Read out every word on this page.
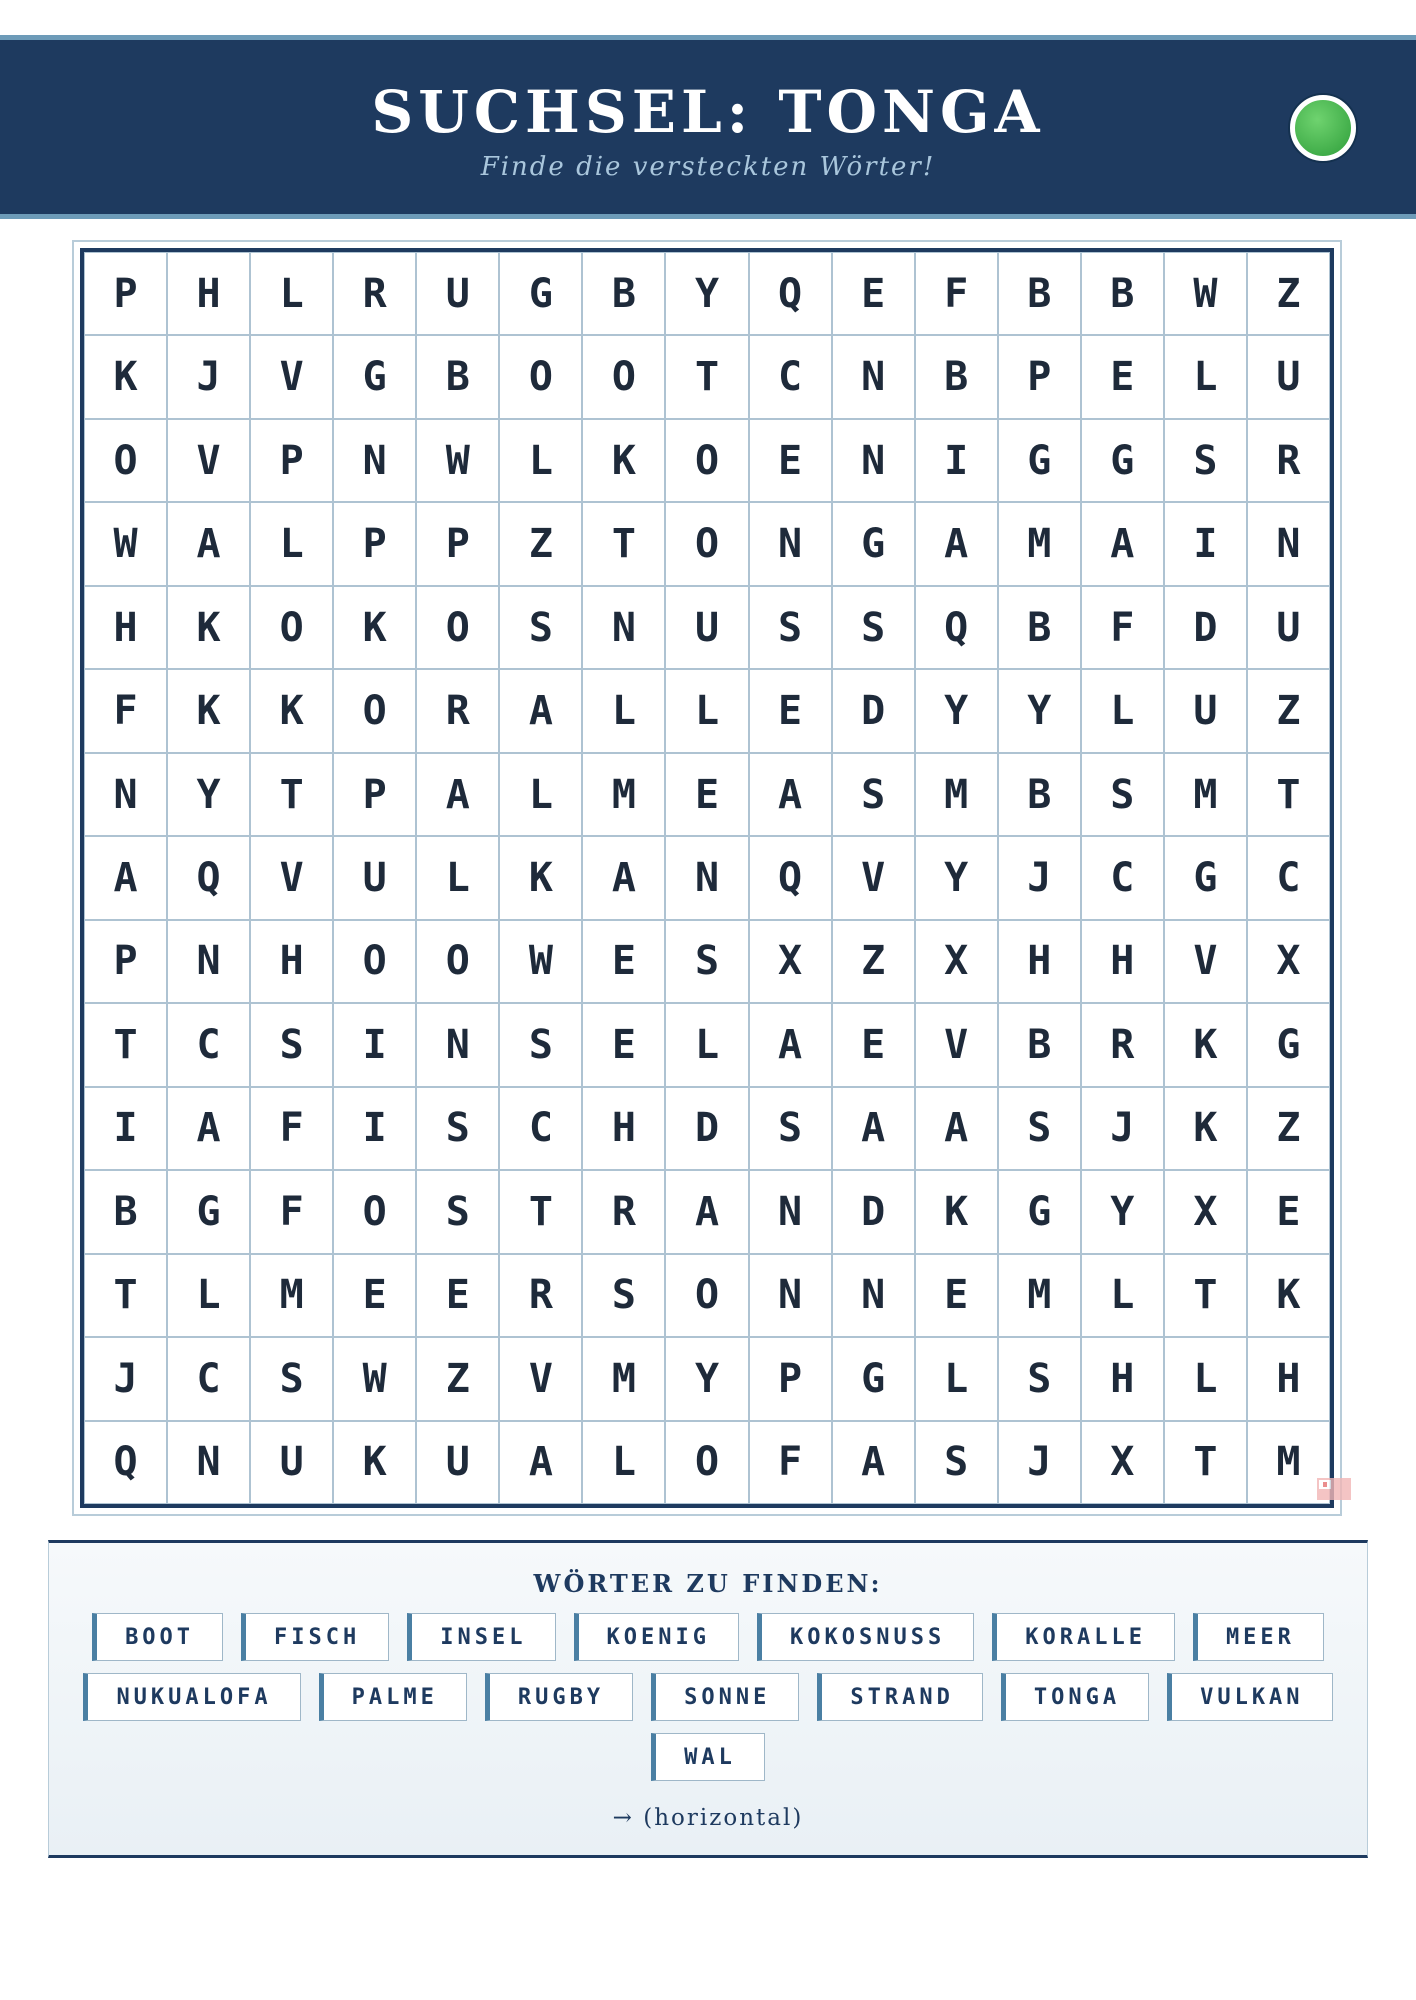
SUCHSEL: TONGA
Finde die versteckten Wörter!
P	H	L	R	U	G	B	Y	Q	E	F	B	B	W	Z
K	J	V	G	B	O	O	T	C	N	B	P	E	L	U
O	V	P	N	W	L	K	O	E	N	I	G	G	S	R
W	A	L	P	P	Z	T	O	N	G	A	M	A	I	N
H	K	O	K	O	S	N	U	S	S	Q	B	F	D	U
F	K	K	O	R	A	L	L	E	D	Y	Y	L	U	Z
N	Y	T	P	A	L	M	E	A	S	M	B	S	M	T
A	Q	V	U	L	K	A	N	Q	V	Y	J	C	G	C
P	N	H	O	O	W	E	S	X	Z	X	H	H	V	X
T	C	S	I	N	S	E	L	A	E	V	B	R	K	G
I	A	F	I	S	C	H	D	S	A	A	S	J	K	Z
B	G	F	O	S	T	R	A	N	D	K	G	Y	X	E
T	L	M	E	E	R	S	O	N	N	E	M	L	T	K
J	C	S	W	Z	V	M	Y	P	G	L	S	H	L	H
Q	N	U	K	U	A	L	O	F	A	S	J	X	T	M
WÖRTER ZU FINDEN:
BOOT	FISCH	INSEL	KOENIG	KOKOSNUSS	KORALLE	MEER
NUKUALOFA	PALME	RUGBY	SONNE	STRAND	TONGA	VULKAN
WAL
→ (horizontal)
